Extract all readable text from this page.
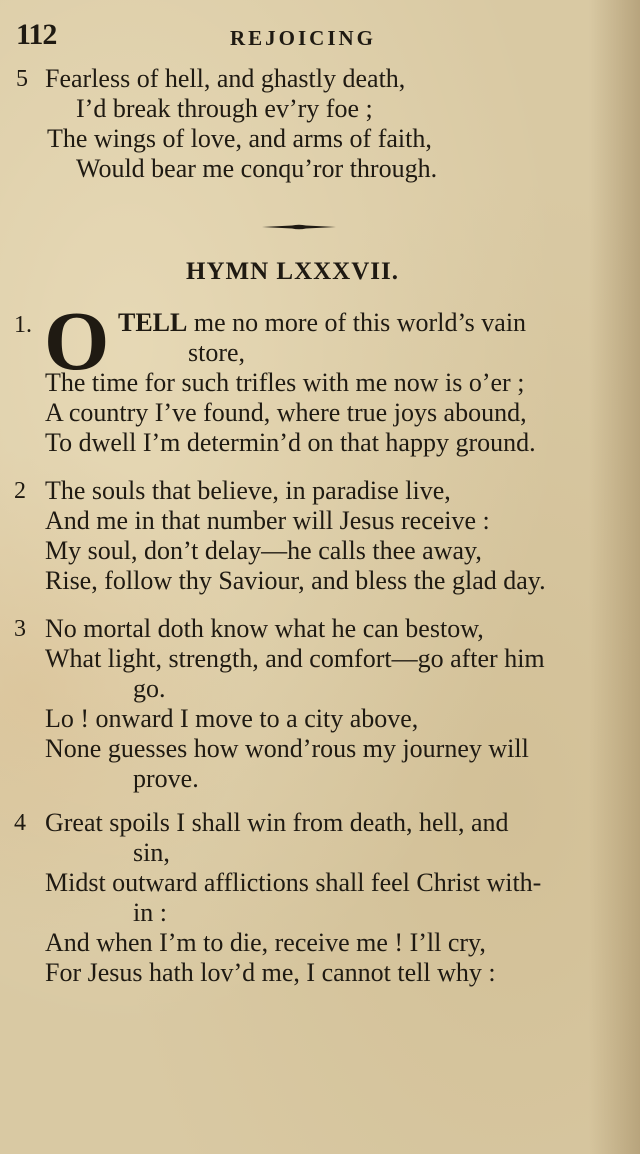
112	REJOICING
5 Fearless of hell, and ghastly death,
I’d break through ev’ry foe ;
The wings of love, and arms of faith,
Would bear me conqu’ror through.
HYMN LXXXVII.
1. O TELL me no more of this world’s vain
store,
The time for such trifles with me now is o’er ;
A country I’ve found, where true joys abound,
To dwell I’m determin’d on that happy ground.
2 The souls that believe, in paradise live,
And me in that number will Jesus receive :
My soul, don’t delay—he calls thee away,
Rise, follow thy Saviour, and bless the glad day.
3 No mortal doth know what he can bestow,
What light, strength, and comfort—go after him
go.
Lo ! onward I move to a city above,
None guesses how wond’rous my journey will
prove.
4 Great spoils I shall win from death, hell, and
sin,
Midst outward afflictions shall feel Christ with-
in :
And when I’m to die, receive me ! I’ll cry,
For Jesus hath lov’d me, I cannot tell why :
